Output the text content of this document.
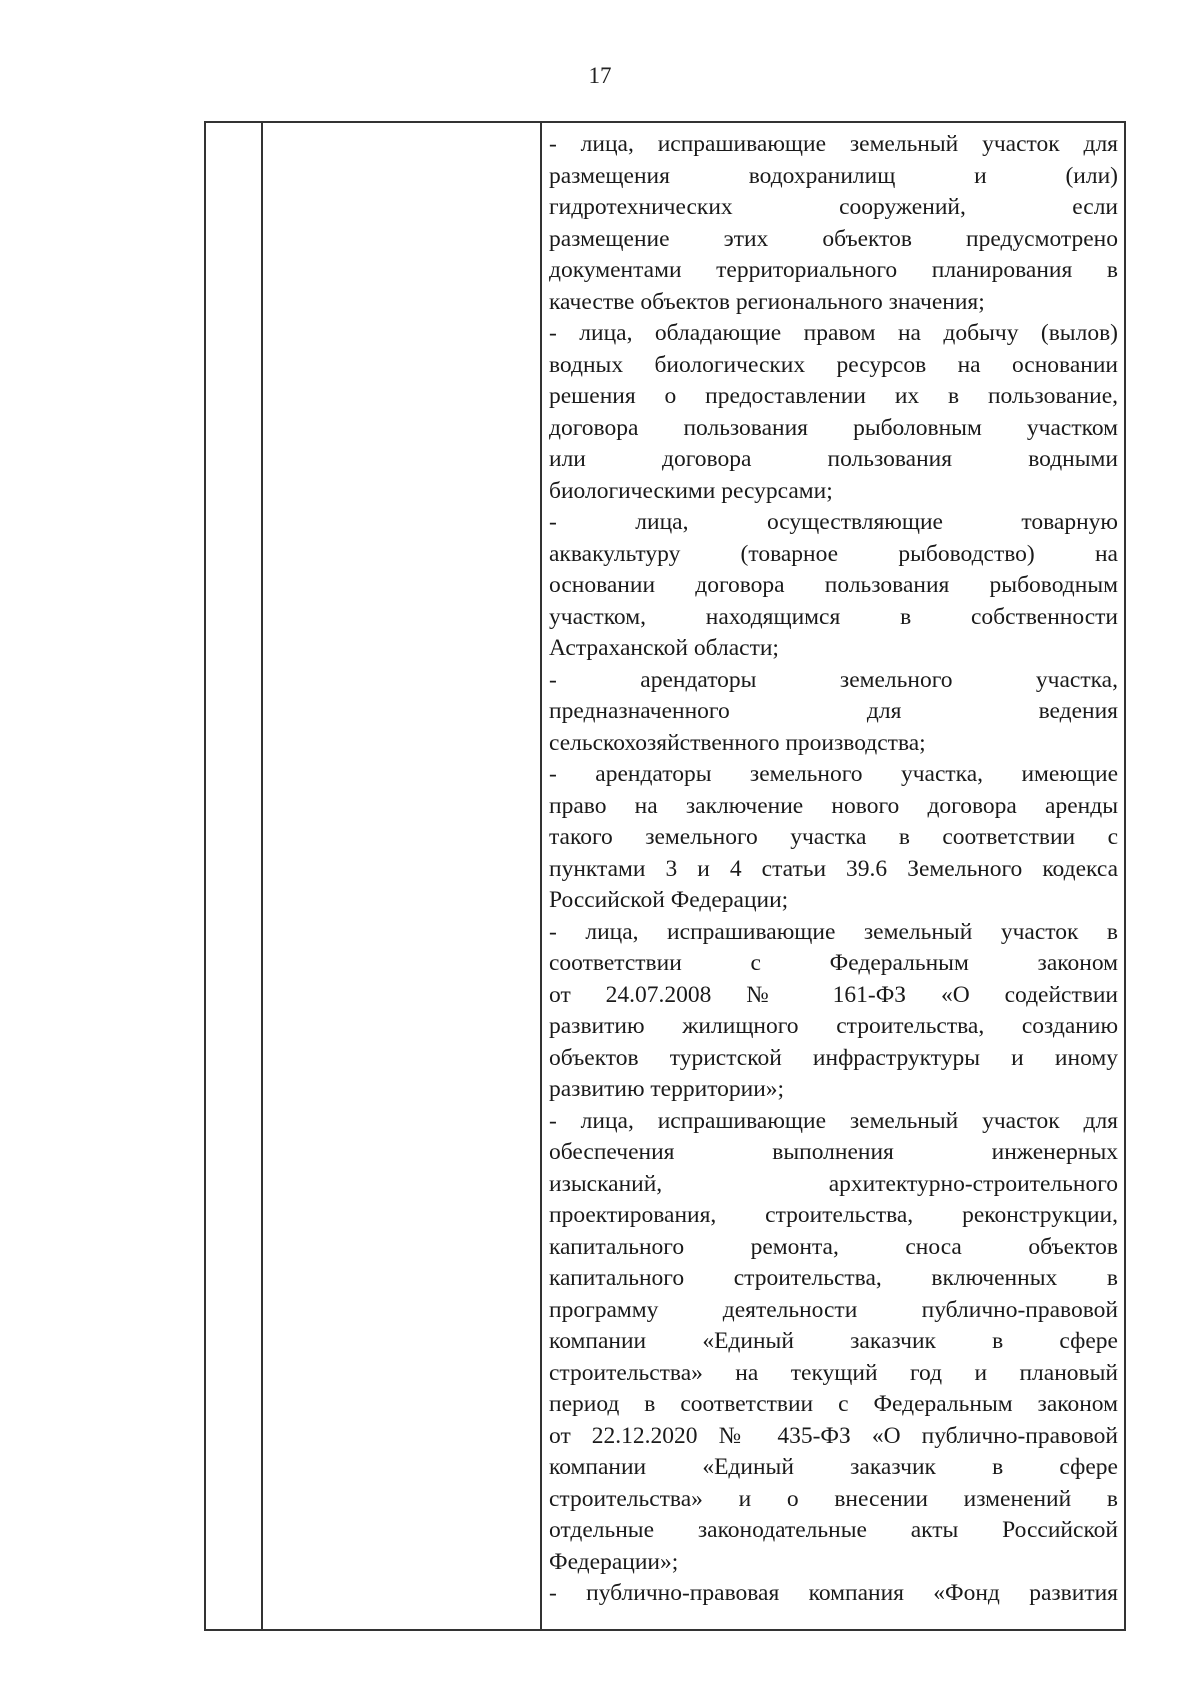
17
- лица, испрашивающие земельный участок для
размещения водохранилищ и (или)
гидротехнических сооружений, если
размещение этих объектов предусмотрено
документами территориального планирования в
качестве объектов регионального значения;
- лица, обладающие правом на добычу (вылов)
водных биологических ресурсов на основании
решения о предоставлении их в пользование,
договора пользования рыболовным участком
или договора пользования водными
биологическими ресурсами;
- лица, осуществляющие товарную
аквакультуру (товарное рыбоводство) на
основании договора пользования рыбоводным
участком, находящимся в собственности
Астраханской области;
- арендаторы земельного участка,
предназначенного для ведения
сельскохозяйственного производства;
- арендаторы земельного участка, имеющие
право на заключение нового договора аренды
такого земельного участка в соответствии с
пунктами 3 и 4 статьи 39.6 Земельного кодекса
Российской Федерации;
- лица, испрашивающие земельный участок в
соответствии с Федеральным законом
от 24.07.2008 № 161-ФЗ «О содействии
развитию жилищного строительства, созданию
объектов туристской инфраструктуры и иному
развитию территории»;
- лица, испрашивающие земельный участок для
обеспечения выполнения инженерных
изысканий, архитектурно-строительного
проектирования, строительства, реконструкции,
капитального ремонта, сноса объектов
капитального строительства, включенных в
программу деятельности публично-правовой
компании «Единый заказчик в сфере
строительства» на текущий год и плановый
период в соответствии с Федеральным законом
от 22.12.2020 № 435-ФЗ «О публично-правовой
компании «Единый заказчик в сфере
строительства» и о внесении изменений в
отдельные законодательные акты Российской
Федерации»;
- публично-правовая компания «Фонд развития
